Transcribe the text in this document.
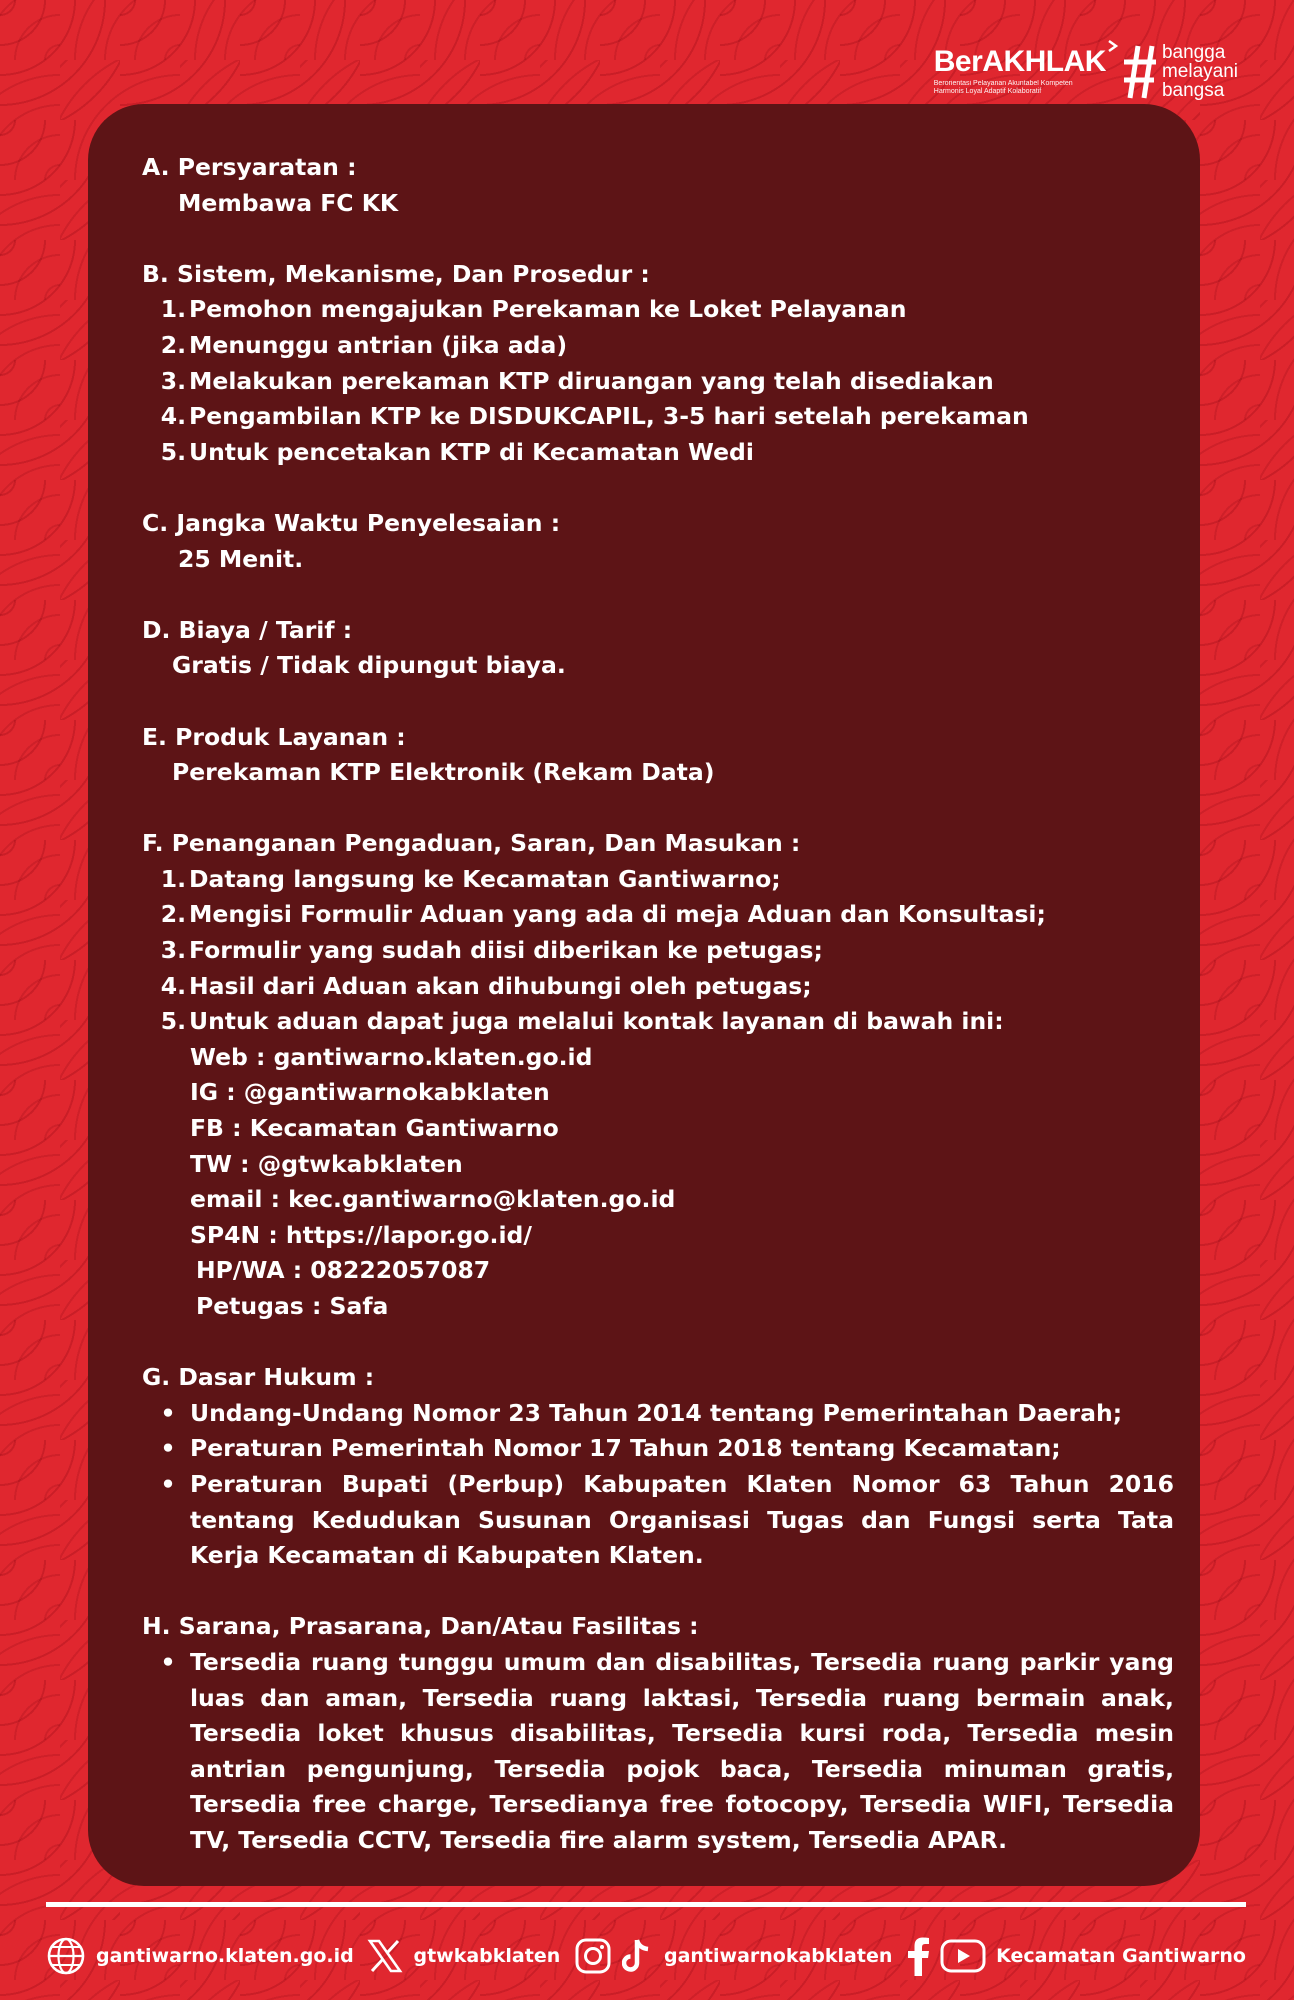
BerAKHLAK
Berorientasi Pelayanan Akuntabel Kompeten
Harmonis Loyal Adaptif Kolaboratif
bangga
melayani
bangsa
A. Persyaratan :
Membawa FC KK
B. Sistem, Mekanisme, Dan Prosedur :
1. Pemohon mengajukan Perekaman ke Loket Pelayanan
2. Menunggu antrian (jika ada)
3. Melakukan perekaman KTP diruangan yang telah disediakan
4. Pengambilan KTP ke DISDUKCAPIL, 3-5 hari setelah perekaman
5. Untuk pencetakan KTP di Kecamatan Wedi
C. Jangka Waktu Penyelesaian :
25 Menit.
D. Biaya / Tarif :
Gratis / Tidak dipungut biaya.
E. Produk Layanan :
Perekaman KTP Elektronik (Rekam Data)
F. Penanganan Pengaduan, Saran, Dan Masukan :
1. Datang langsung ke Kecamatan Gantiwarno;
2. Mengisi Formulir Aduan yang ada di meja Aduan dan Konsultasi;
3. Formulir yang sudah diisi diberikan ke petugas;
4. Hasil dari Aduan akan dihubungi oleh petugas;
5. Untuk aduan dapat juga melalui kontak layanan di bawah ini:
Web : gantiwarno.klaten.go.id
IG : @gantiwarnokabklaten
FB : Kecamatan Gantiwarno
TW : @gtwkabklaten
email : kec.gantiwarno@klaten.go.id
SP4N : https://lapor.go.id/
HP/WA : 08222057087
Petugas : Safa
G. Dasar Hukum :
• Undang-Undang Nomor 23 Tahun 2014 tentang Pemerintahan Daerah;
• Peraturan Pemerintah Nomor 17 Tahun 2018 tentang Kecamatan;
• Peraturan Bupati (Perbup) Kabupaten Klaten Nomor 63 Tahun 2016 tentang Kedudukan Susunan Organisasi Tugas dan Fungsi serta Tata Kerja Kecamatan di Kabupaten Klaten.
H. Sarana, Prasarana, Dan/Atau Fasilitas :
• Tersedia ruang tunggu umum dan disabilitas, Tersedia ruang parkir yang luas dan aman, Tersedia ruang laktasi, Tersedia ruang bermain anak, Tersedia loket khusus disabilitas, Tersedia kursi roda, Tersedia mesin antrian pengunjung, Tersedia pojok baca, Tersedia minuman gratis, Tersedia free charge, Tersedianya free fotocopy, Tersedia WIFI, Tersedia TV, Tersedia CCTV, Tersedia fire alarm system, Tersedia APAR.
gantiwarno.klaten.go.id	gtwkabklaten	gantiwarnokabklaten	Kecamatan Gantiwarno
